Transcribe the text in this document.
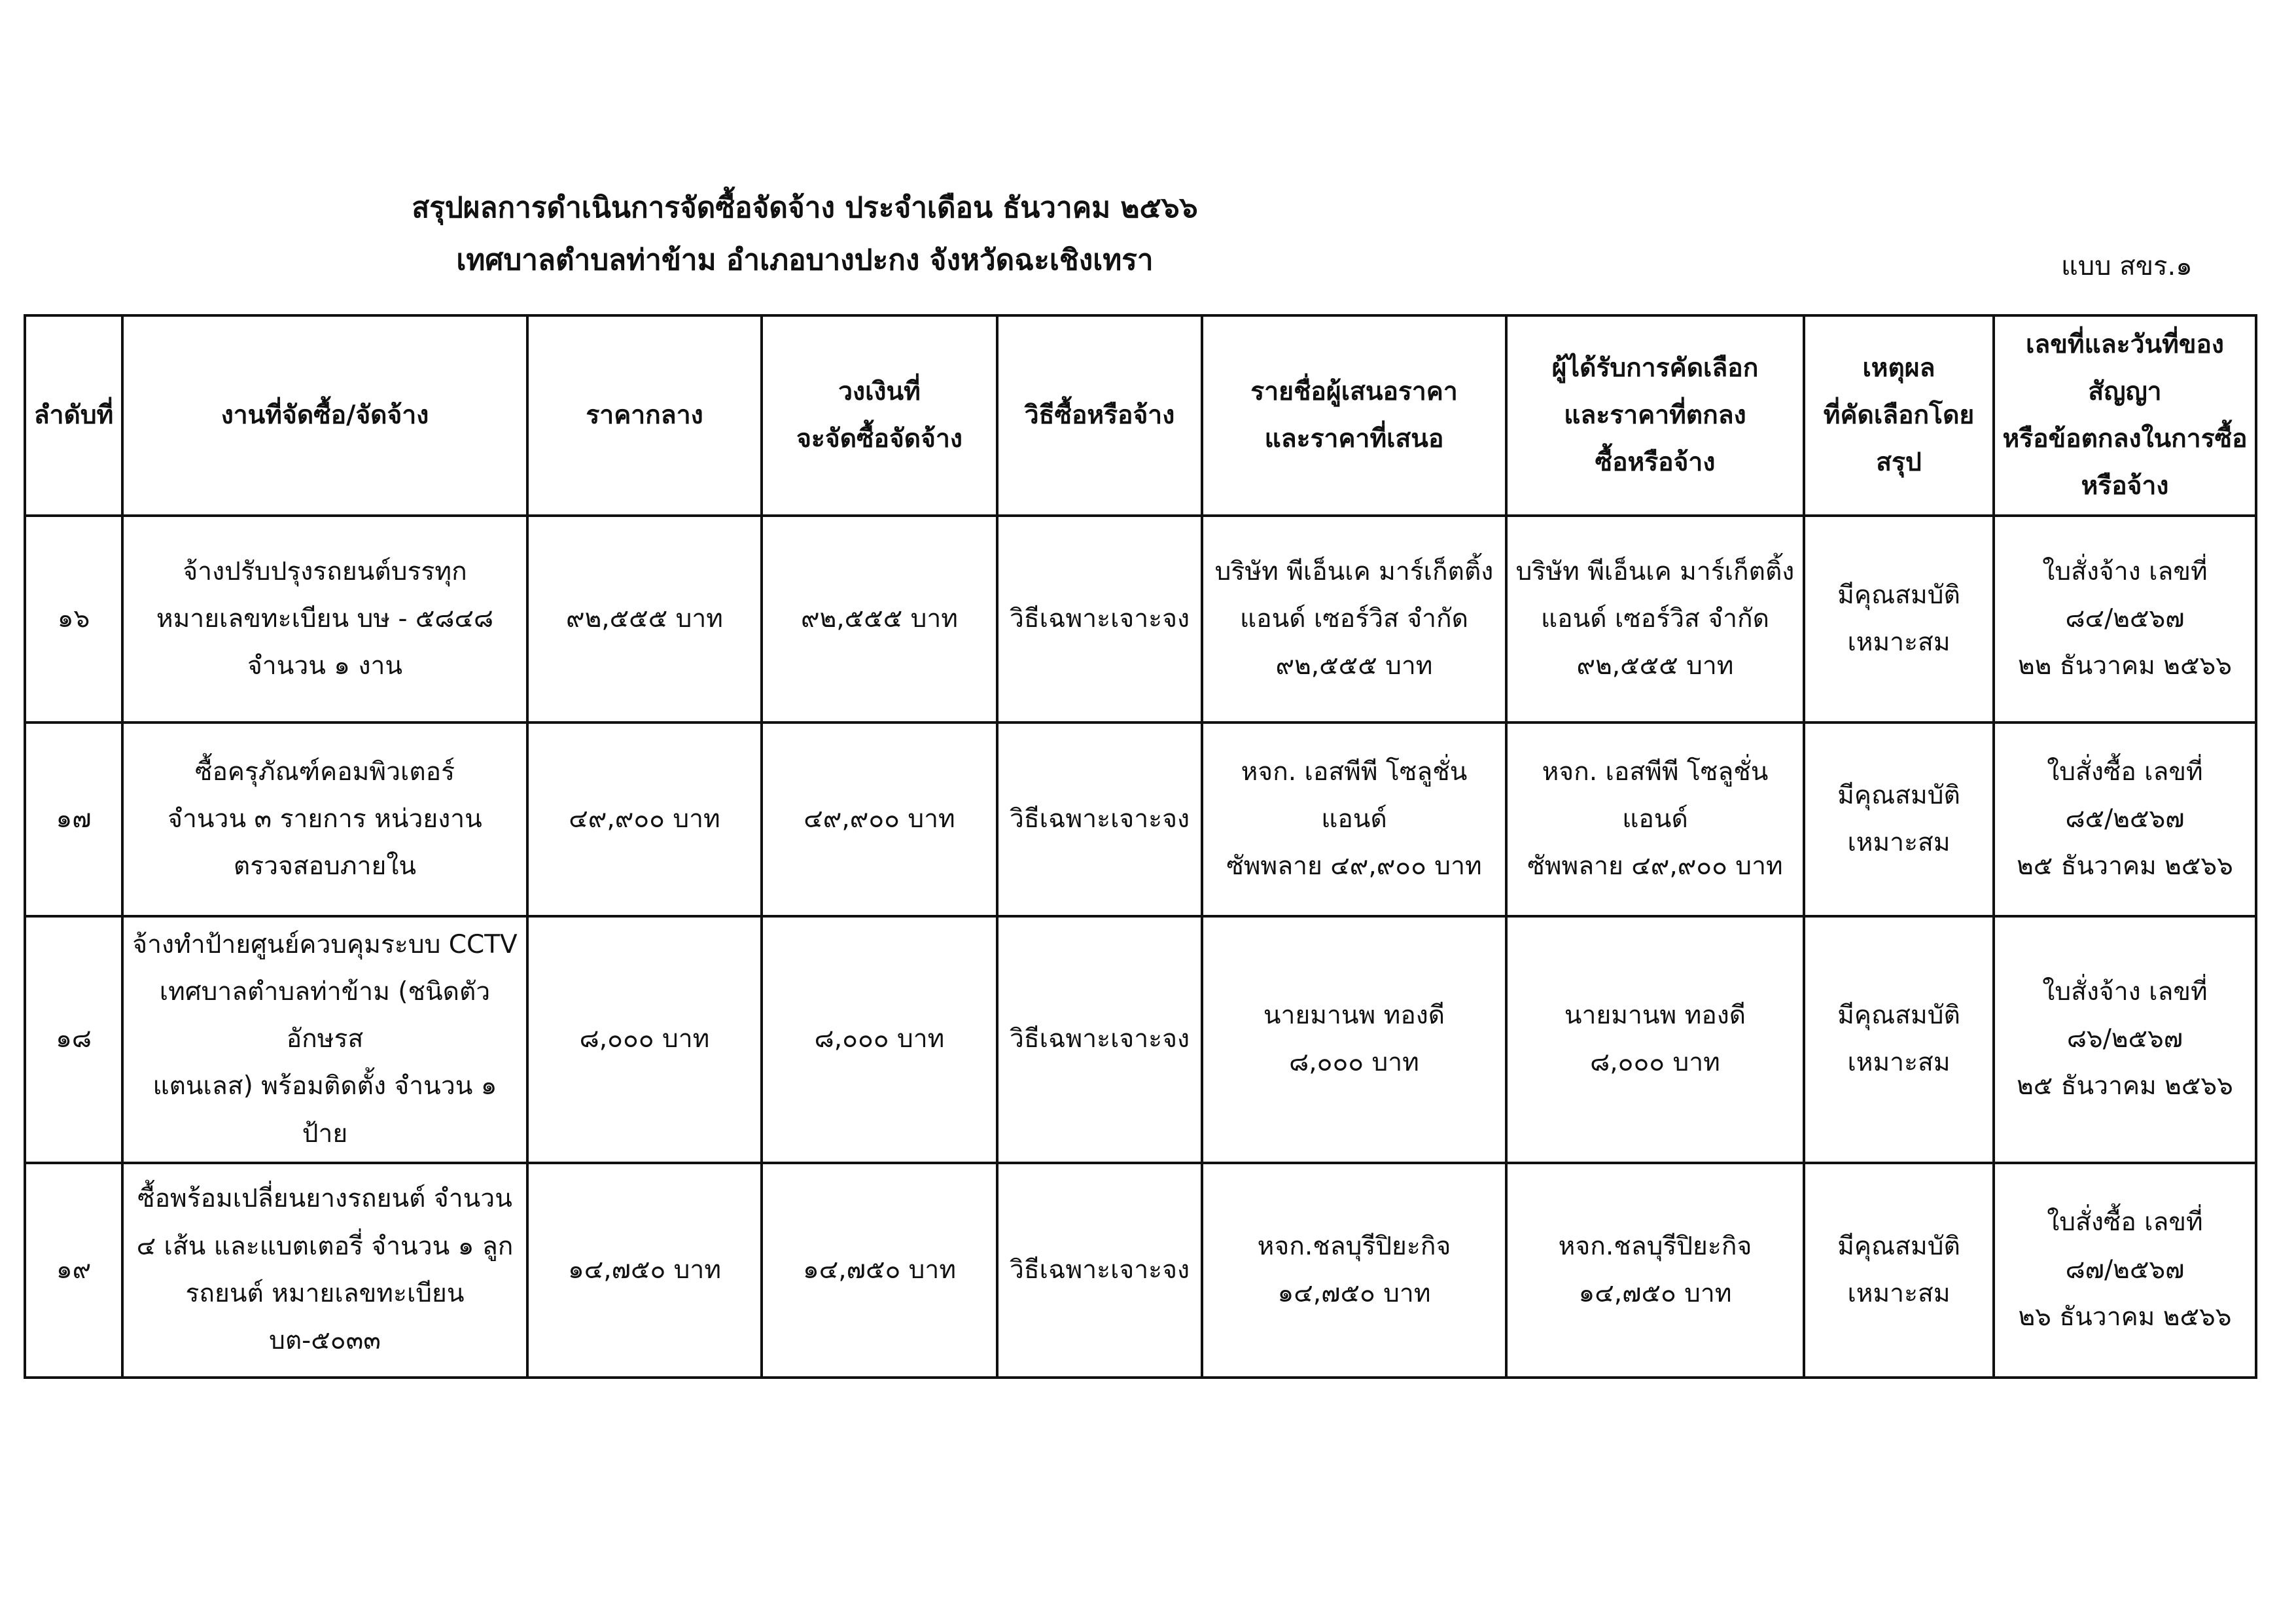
สรุปผลการดำเนินการจัดซื้อจัดจ้าง ประจำเดือน ธันวาคม ๒๕๖๖
เทศบาลตำบลท่าข้าม อำเภอบางปะกง จังหวัดฉะเชิงเทรา	แบบ สขร.๑
ลำดับที่	งานที่จัดซื้อ/จัดจ้าง	ราคากลาง	วงเงินที่
จะจัดซื้อจัดจ้าง	วิธีซื้อหรือจ้าง	รายชื่อผู้เสนอราคา
และราคาที่เสนอ	ผู้ได้รับการคัดเลือก
และราคาที่ตกลง
ซื้อหรือจ้าง	เหตุผล
ที่คัดเลือกโดย
สรุป	เลขที่และวันที่ของ
สัญญา
หรือข้อตกลงในการซื้อ
หรือจ้าง
๑๖	จ้างปรับปรุงรถยนต์บรรทุก
หมายเลขทะเบียน บษ - ๕๘๔๘
จำนวน ๑ งาน	๙๒,๕๕๕ บาท	๙๒,๕๕๕ บาท	วิธีเฉพาะเจาะจง	บริษัท พีเอ็นเค มาร์เก็ตติ้ง
แอนด์ เซอร์วิส จำกัด
๙๒,๕๕๕ บาท	บริษัท พีเอ็นเค มาร์เก็ตติ้ง
แอนด์ เซอร์วิส จำกัด
๙๒,๕๕๕ บาท	มีคุณสมบัติ
เหมาะสม	ใบสั่งจ้าง เลขที่
๘๔/๒๕๖๗
๒๒ ธันวาคม ๒๕๖๖
๑๗	ซื้อครุภัณฑ์คอมพิวเตอร์
จำนวน ๓ รายการ หน่วยงาน
ตรวจสอบภายใน	๔๙,๙๐๐ บาท	๔๙,๙๐๐ บาท	วิธีเฉพาะเจาะจง	หจก. เอสพีพี โซลูชั่น แอนด์
ซัพพลาย ๔๙,๙๐๐ บาท	หจก. เอสพีพี โซลูชั่น แอนด์
ซัพพลาย ๔๙,๙๐๐ บาท	มีคุณสมบัติ
เหมาะสม	ใบสั่งซื้อ เลขที่
๘๕/๒๕๖๗
๒๕ ธันวาคม ๒๕๖๖
๑๘	จ้างทำป้ายศูนย์ควบคุมระบบ CCTV
เทศบาลตำบลท่าข้าม (ชนิดตัวอักษรส
แตนเลส) พร้อมติดตั้ง จำนวน ๑ ป้าย	๘,๐๐๐ บาท	๘,๐๐๐ บาท	วิธีเฉพาะเจาะจง	นายมานพ ทองดี
๘,๐๐๐ บาท	นายมานพ ทองดี
๘,๐๐๐ บาท	มีคุณสมบัติ
เหมาะสม	ใบสั่งจ้าง เลขที่
๘๖/๒๕๖๗
๒๕ ธันวาคม ๒๕๖๖
๑๙	ซื้อพร้อมเปลี่ยนยางรถยนต์ จำนวน
๔ เส้น และแบตเตอรี่ จำนวน ๑ ลูก
รถยนต์ หมายเลขทะเบียน บต-๕๐๓๓	๑๔,๗๕๐ บาท	๑๔,๗๕๐ บาท	วิธีเฉพาะเจาะจง	หจก.ชลบุรีปิยะกิจ
๑๔,๗๕๐ บาท	หจก.ชลบุรีปิยะกิจ
๑๔,๗๕๐ บาท	มีคุณสมบัติ
เหมาะสม	ใบสั่งซื้อ เลขที่
๘๗/๒๕๖๗
๒๖ ธันวาคม ๒๕๖๖
